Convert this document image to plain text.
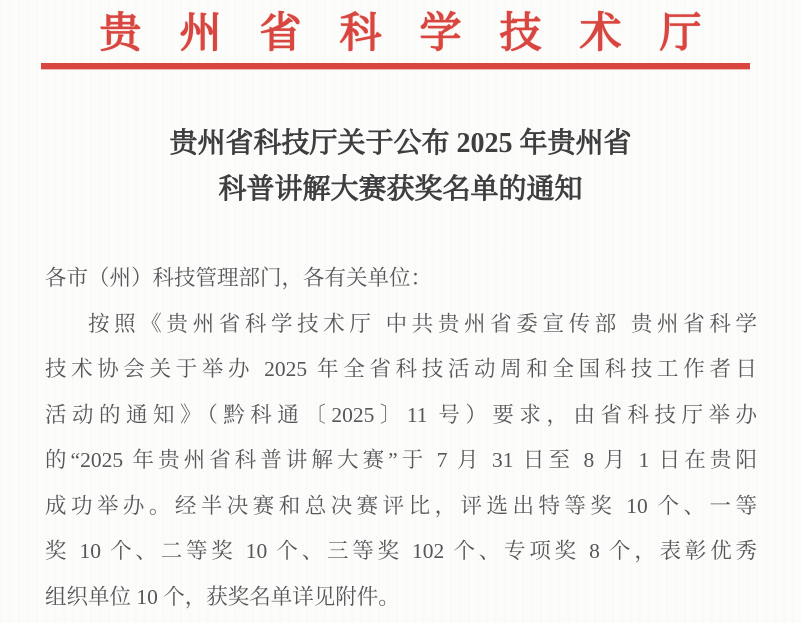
贵州省科学技术厅
贵州省科技厅关于公布 2025 年贵州省
科普讲解大赛获奖名单的通知
各市（州）科技管理部门，各有关单位：
按照《贵州省科学技术厅 中共贵州省委宣传部 贵州省科学
技术协会关于举办 2025 年全省科技活动周和全国科技工作者日
活动的通知》（黔科通〔2025〕11 号）要求，由省科技厅举办
的“2025 年贵州省科普讲解大赛”于 7 月 31 日至 8 月 1 日在贵阳
成功举办。经半决赛和总决赛评比，评选出特等奖 10 个、一等
奖 10 个、二等奖 10 个、三等奖 102 个、专项奖 8 个，表彰优秀
组织单位 10 个，获奖名单详见附件。
